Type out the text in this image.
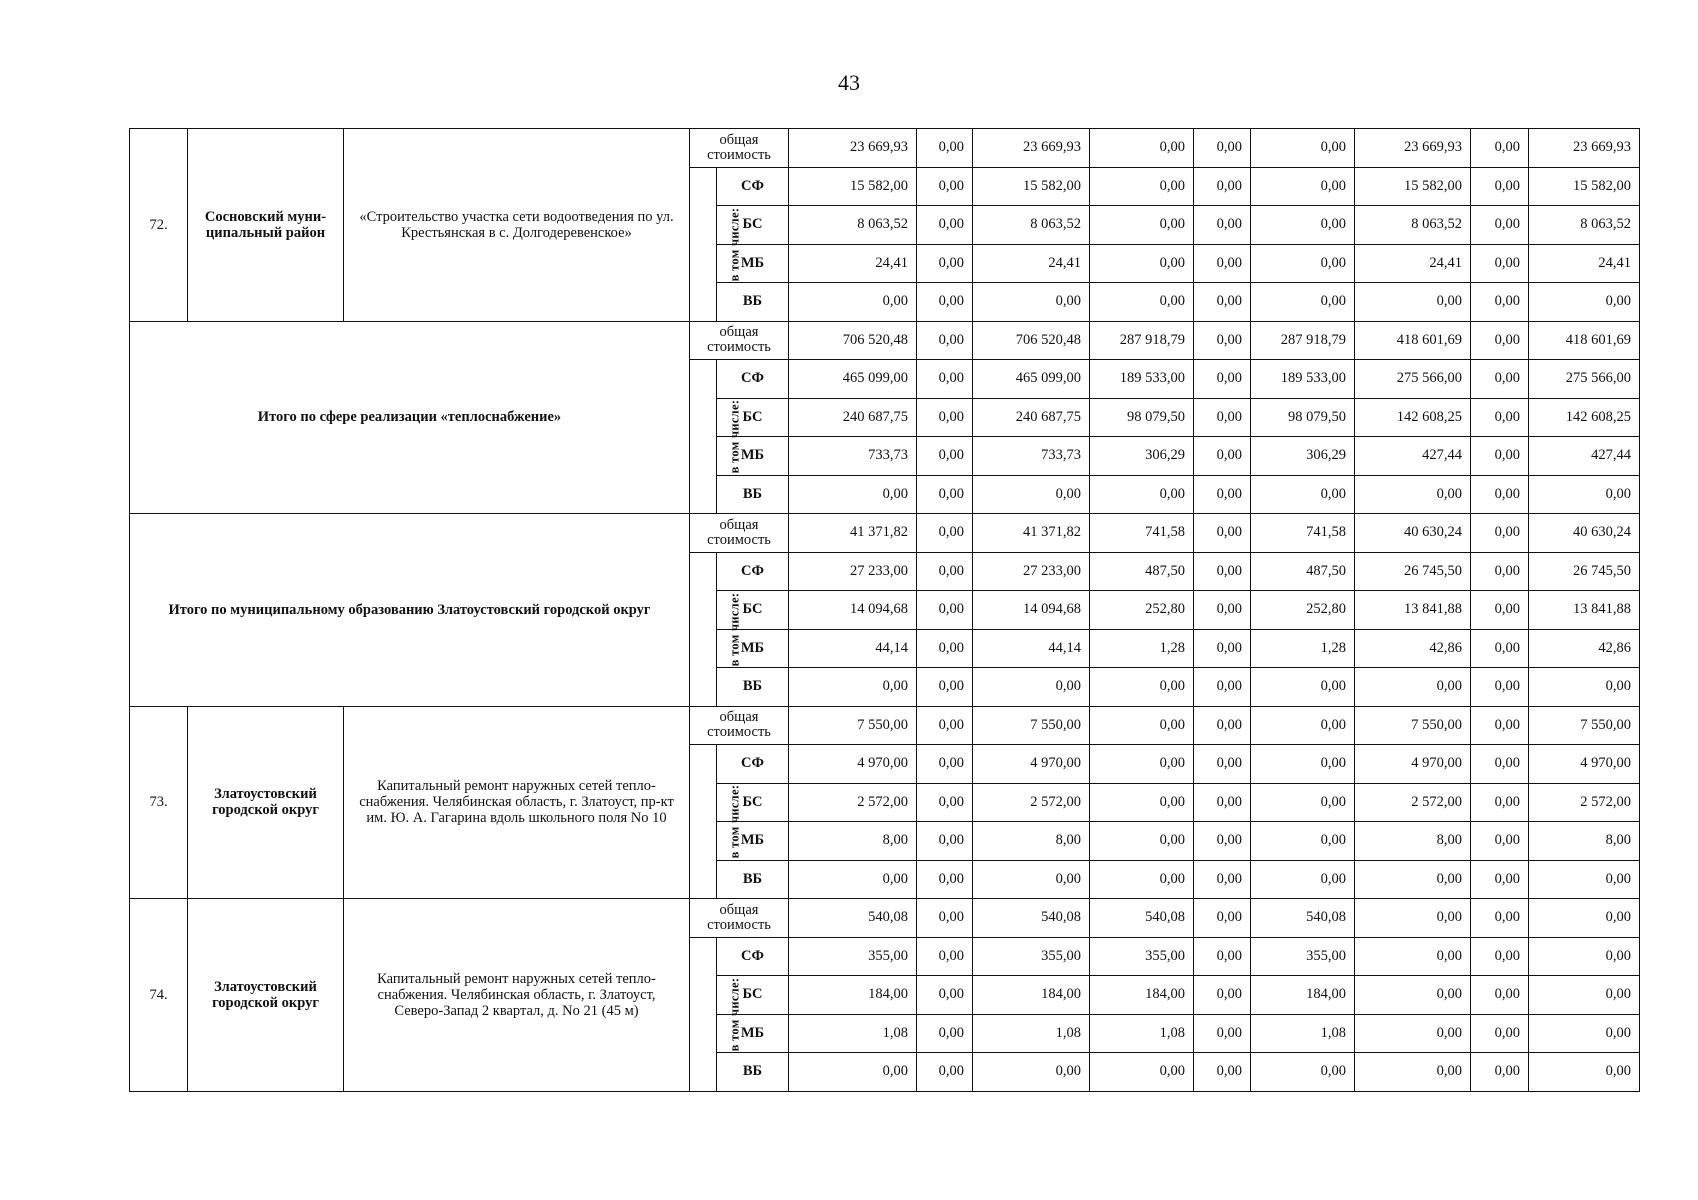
43
72.	Сосновский муни-ципальный район	«Строительство участка сети водоотведения по ул. Крестьянская в с. Долгодеревенское»	общая стоимость		23 669,93	0,00	23 669,93	0,00	0,00	0,00	23 669,93	0,00	23 669,93
			в том числе:	СФ	15 582,00	0,00	15 582,00	0,00	0,00	0,00	15 582,00	0,00	15 582,00
				БС	8 063,52	0,00	8 063,52	0,00	0,00	0,00	8 063,52	0,00	8 063,52
				МБ	24,41	0,00	24,41	0,00	0,00	0,00	24,41	0,00	24,41
				ВБ	0,00	0,00	0,00	0,00	0,00	0,00	0,00	0,00	0,00
Итого по сфере реализации «теплоснабжение»			общая стоимость		706 520,48	0,00	706 520,48	287 918,79	0,00	287 918,79	418 601,69	0,00	418 601,69
			в том числе:	СФ	465 099,00	0,00	465 099,00	189 533,00	0,00	189 533,00	275 566,00	0,00	275 566,00
				БС	240 687,75	0,00	240 687,75	98 079,50	0,00	98 079,50	142 608,25	0,00	142 608,25
				МБ	733,73	0,00	733,73	306,29	0,00	306,29	427,44	0,00	427,44
				ВБ	0,00	0,00	0,00	0,00	0,00	0,00	0,00	0,00	0,00
Итого по муниципальному образованию Златоустовский городской округ			общая стоимость		41 371,82	0,00	41 371,82	741,58	0,00	741,58	40 630,24	0,00	40 630,24
			в том числе:	СФ	27 233,00	0,00	27 233,00	487,50	0,00	487,50	26 745,50	0,00	26 745,50
				БС	14 094,68	0,00	14 094,68	252,80	0,00	252,80	13 841,88	0,00	13 841,88
				МБ	44,14	0,00	44,14	1,28	0,00	1,28	42,86	0,00	42,86
				ВБ	0,00	0,00	0,00	0,00	0,00	0,00	0,00	0,00	0,00
73.	Златоустовский городской округ	Капитальный ремонт наружных сетей тепло-снабжения. Челябинская область, г. Златоуст, пр-кт им. Ю. А. Гагарина вдоль школьного поля No 10	общая стоимость		7 550,00	0,00	7 550,00	0,00	0,00	0,00	7 550,00	0,00	7 550,00
			в том числе:	СФ	4 970,00	0,00	4 970,00	0,00	0,00	0,00	4 970,00	0,00	4 970,00
				БС	2 572,00	0,00	2 572,00	0,00	0,00	0,00	2 572,00	0,00	2 572,00
				МБ	8,00	0,00	8,00	0,00	0,00	0,00	8,00	0,00	8,00
				ВБ	0,00	0,00	0,00	0,00	0,00	0,00	0,00	0,00	0,00
74.	Златоустовский городской округ	Капитальный ремонт наружных сетей тепло-снабжения. Челябинская область, г. Златоуст, Северо-Запад 2 квартал, д. No 21 (45 м)	общая стоимость		540,08	0,00	540,08	540,08	0,00	540,08	0,00	0,00	0,00
			в том числе:	СФ	355,00	0,00	355,00	355,00	0,00	355,00	0,00	0,00	0,00
				БС	184,00	0,00	184,00	184,00	0,00	184,00	0,00	0,00	0,00
				МБ	1,08	0,00	1,08	1,08	0,00	1,08	0,00	0,00	0,00
				ВБ	0,00	0,00	0,00	0,00	0,00	0,00	0,00	0,00	0,00
